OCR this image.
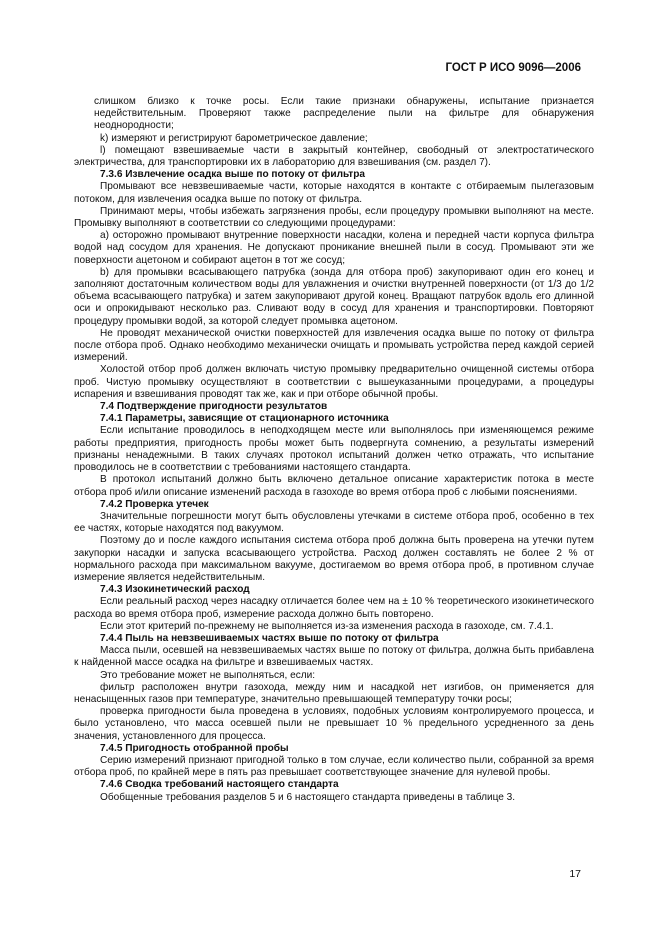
ГОСТ Р ИСО 9096—2006

слишком близко к точке росы. Если такие признаки обнаружены, испытание признается недействительным. Проверяют также распределение пыли на фильтре для обнаружения неоднородности;

k) измеряют и регистрируют барометрическое давление;

l) помещают взвешиваемые части в закрытый контейнер, свободный от электростатического электричества, для транспортировки их в лабораторию для взвешивания (см. раздел 7).

7.3.6 Извлечение осадка выше по потоку от фильтра

Промывают все невзвешиваемые части, которые находятся в контакте с отбираемым пылегазовым потоком, для извлечения осадка выше по потоку от фильтра.

Принимают меры, чтобы избежать загрязнения пробы, если процедуру промывки выполняют на месте. Промывку выполняют в соответствии со следующими процедурами:

a) осторожно промывают внутренние поверхности насадки, колена и передней части корпуса фильтра водой над сосудом для хранения. Не допускают проникание внешней пыли в сосуд. Промывают эти же поверхности ацетоном и собирают ацетон в тот же сосуд;

b) для промывки всасывающего патрубка (зонда для отбора проб) закупоривают один его конец и заполняют достаточным количеством воды для увлажнения и очистки внутренней поверхности (от 1/3 до 1/2 объема всасывающего патрубка) и затем закупоривают другой конец. Вращают патрубок вдоль его длинной оси и опрокидывают несколько раз. Сливают воду в сосуд для хранения и транспортировки. Повторяют процедуру промывки водой, за которой следует промывка ацетоном.

Не проводят механической очистки поверхностей для извлечения осадка выше по потоку от фильтра после отбора проб. Однако необходимо механически очищать и промывать устройства перед каждой серией измерений.

Холостой отбор проб должен включать чистую промывку предварительно очищенной системы отбора проб. Чистую промывку осуществляют в соответствии с вышеуказанными процедурами, а процедуры испарения и взвешивания проводят так же, как и при отборе обычной пробы.

7.4 Подтверждение пригодности результатов

7.4.1 Параметры, зависящие от стационарного источника

Если испытание проводилось в неподходящем месте или выполнялось при изменяющемся режиме работы предприятия, пригодность пробы может быть подвергнута сомнению, а результаты измерений признаны ненадежными. В таких случаях протокол испытаний должен четко отражать, что испытание проводилось не в соответствии с требованиями настоящего стандарта.

В протокол испытаний должно быть включено детальное описание характеристик потока в месте отбора проб и/или описание изменений расхода в газоходе во время отбора проб с любыми пояснениями.

7.4.2 Проверка утечек

Значительные погрешности могут быть обусловлены утечками в системе отбора проб, особенно в тех ее частях, которые находятся под вакуумом.

Поэтому до и после каждого испытания система отбора проб должна быть проверена на утечки путем закупорки насадки и запуска всасывающего устройства. Расход должен составлять не более 2 % от нормального расхода при максимальном вакууме, достигаемом во время отбора проб, в противном случае измерение является недействительным.

7.4.3 Изокинетический расход

Если реальный расход через насадку отличается более чем на ± 10 % теоретического изокинетического расхода во время отбора проб, измерение расхода должно быть повторено.

Если этот критерий по-прежнему не выполняется из-за изменения расхода в газоходе, см. 7.4.1.

7.4.4 Пыль на невзвешиваемых частях выше по потоку от фильтра

Масса пыли, осевшей на невзвешиваемых частях выше по потоку от фильтра, должна быть прибавлена к найденной массе осадка на фильтре и взвешиваемых частях.

Это требование может не выполняться, если:

фильтр расположен внутри газохода, между ним и насадкой нет изгибов, он применяется для ненасыщенных газов при температуре, значительно превышающей температуру точки росы;

проверка пригодности была проведена в условиях, подобных условиям контролируемого процесса, и было установлено, что масса осевшей пыли не превышает 10 % предельного усредненного за день значения, установленного для процесса.

7.4.5 Пригодность отобранной пробы

Серию измерений признают пригодной только в том случае, если количество пыли, собранной за время отбора проб, по крайней мере в пять раз превышает соответствующее значение для нулевой пробы.

7.4.6 Сводка требований настоящего стандарта

Обобщенные требования разделов 5 и 6 настоящего стандарта приведены в таблице 3.

17
